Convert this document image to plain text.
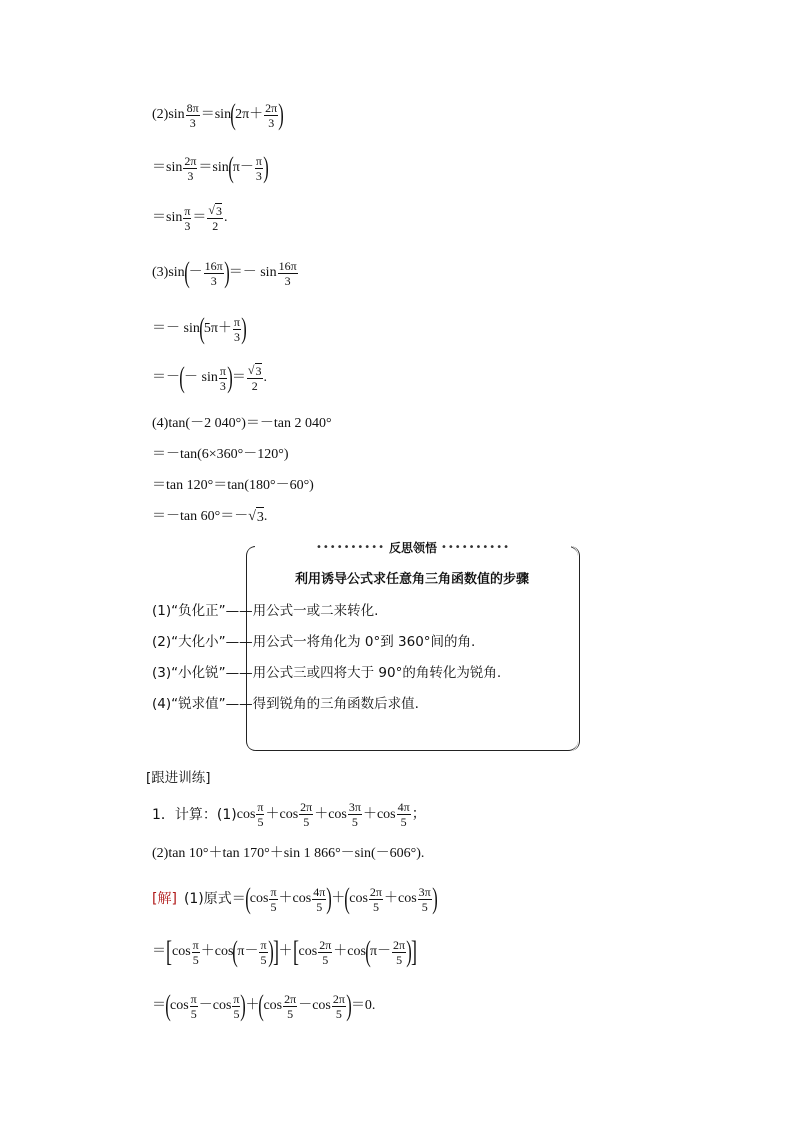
(2) $\sin \frac{8\pi}{3} =\sin$ ( $2\pi+ \frac{2\pi}{3}$ )
$=\sin \frac{2\pi}{3} =\sin$ ( $\pi- \frac{\pi}{3}$ )
$=\sin \frac{\pi}{3} = \frac{√ 3}{2}$ .
(3) sin ( － $\frac{16\pi}{3}$ ) ＝－ $\sin \frac{16\pi}{3}$
＝－ sin ( $5\pi+ \frac{\pi}{3}$ )
＝－ ( － $\sin \frac{\pi}{3}$ ) ＝ $\frac{√ 3}{2}$ .
(4)tan(－2 040°)＝－tan 2 040°
＝－tan(6×360°－120°)
＝tan 120°＝tan(180°－60°)
＝－tan 60°＝－√ 3 .
•••••••••• 反思领悟 ••••••••••
利用诱导公式求任意角三角函数值的步骤
(1)“负化正”——用公式一或二来转化.
(2)“大化小”——用公式一将角化为 0°到 360°间的角.
(3)“小化锐”——用公式三或四将大于 90°的角转化为锐角.
(4)“锐求值”——得到锐角的三角函数后求值.
[跟进训练]
1．计算：(1) $\cos \frac{\pi}{5} +\cos \frac{2\pi}{5} +\cos \frac{3\pi}{5} +\cos \frac{4\pi}{5}$ ；
(2)tan 10°＋tan 170°＋sin 1 866°－sin(－606°).
[解]
(1)原式＝ ( $\cos \frac{\pi}{5} +\cos \frac{4\pi}{5}$ ) ＋ ( $\cos \frac{2\pi}{5} +\cos \frac{3\pi}{5}$ )
＝ [ $\cos \frac{\pi}{5} +\cos$ ( $\pi- \frac{\pi}{5}$ ) ] ＋ [ $\cos \frac{2\pi}{5} +\cos$ ( $\pi- \frac{2\pi}{5}$ ) ]
＝ ( $\cos \frac{\pi}{5} -\cos \frac{\pi}{5}$ ) ＋ ( $\cos \frac{2\pi}{5} -\cos \frac{2\pi}{5}$ ) ＝0.
